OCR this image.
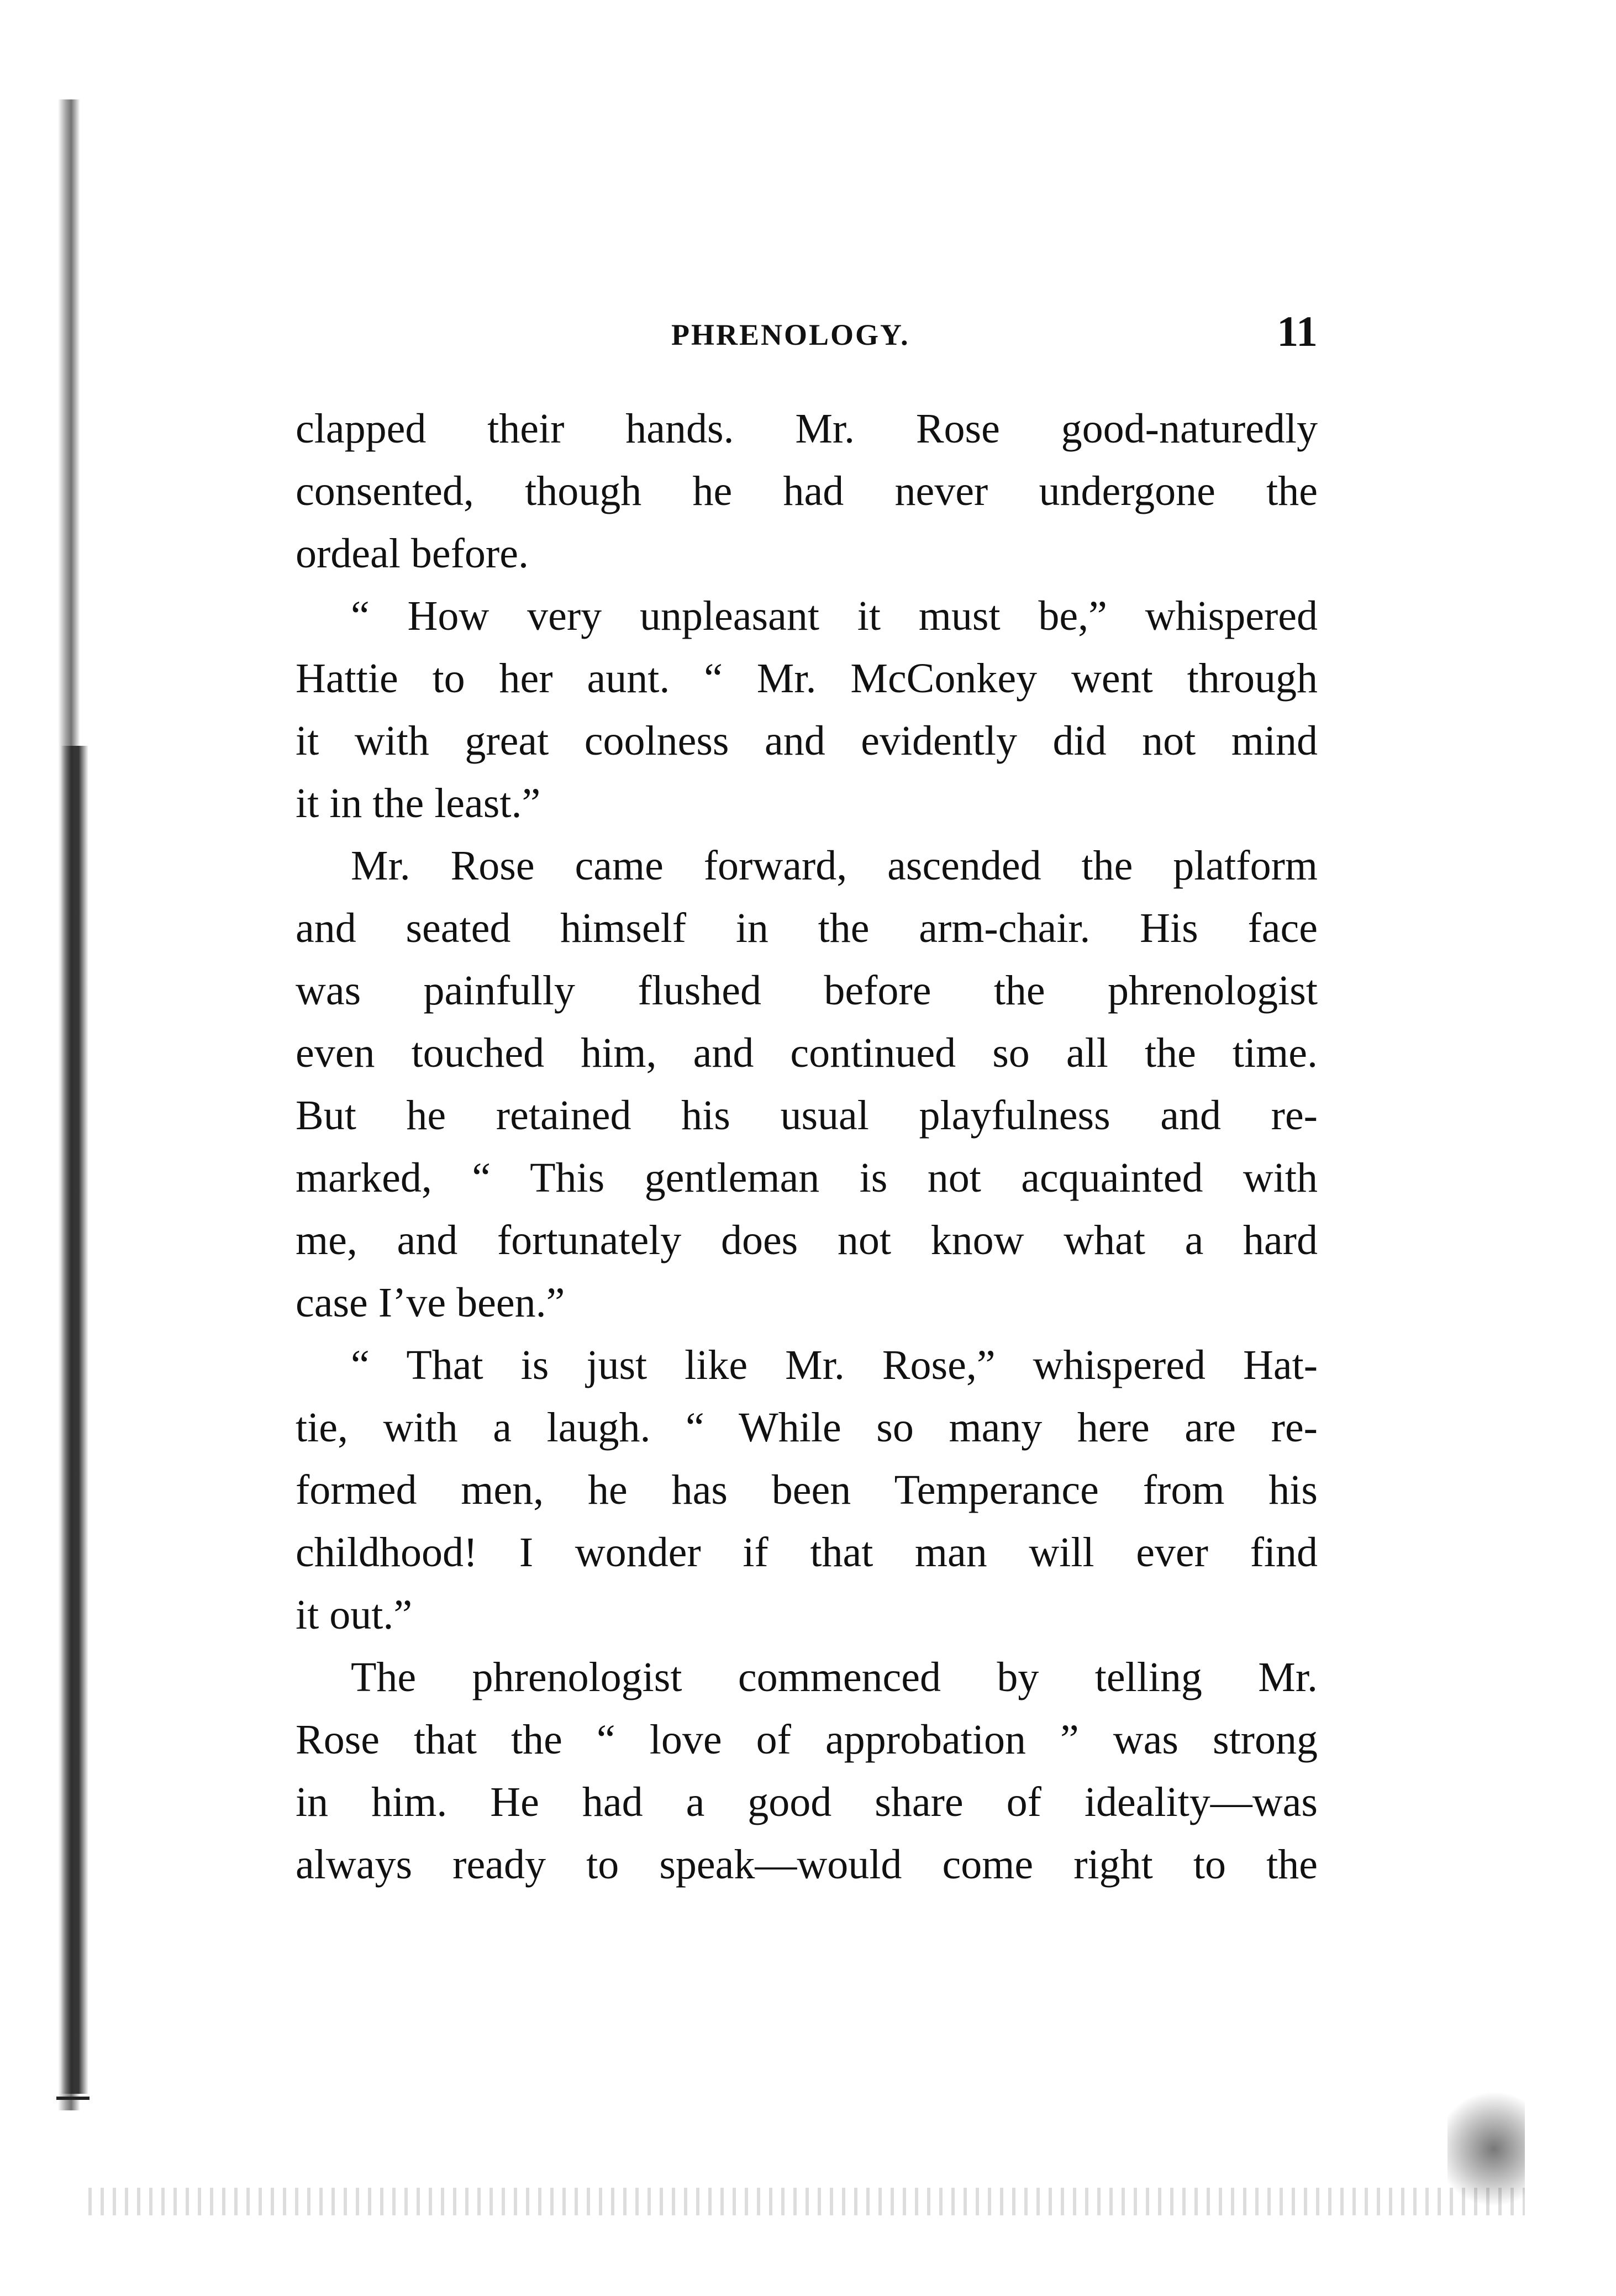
PHRENOLOGY.	11

clapped their hands. Mr. Rose good-naturedly
consented, though he had never undergone the
ordeal before.

“ How very unpleasant it must be,” whispered
Hattie to her aunt. “ Mr. McConkey went through
it with great coolness and evidently did not mind
it in the least.”

Mr. Rose came forward, ascended the platform
and seated himself in the arm-chair. His face
was painfully flushed before the phrenologist
even touched him, and continued so all the time.
But he retained his usual playfulness and re-
marked, “ This gentleman is not acquainted with
me, and fortunately does not know what a hard
case I’ve been.”

“ That is just like Mr. Rose,” whispered Hat-
tie, with a laugh. “ While so many here are re-
formed men, he has been Temperance from his
childhood! I wonder if that man will ever find
it out.”

The phrenologist commenced by telling Mr.
Rose that the “ love of approbation ” was strong
in him. He had a good share of ideality—was
always ready to speak—would come right to the
